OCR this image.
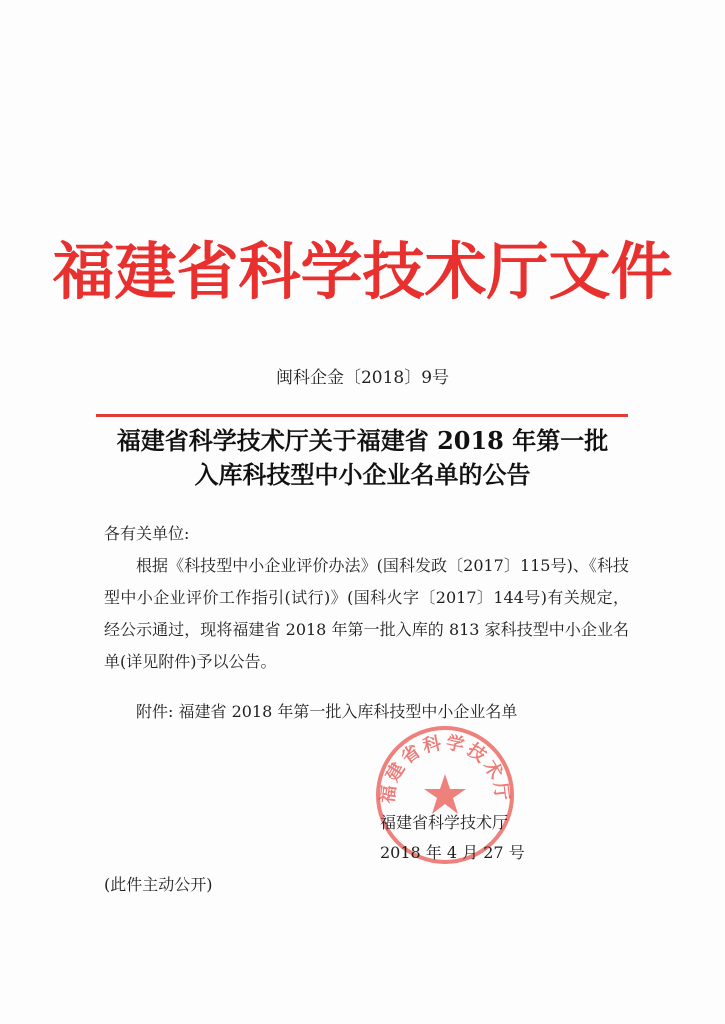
福建省科学技术厅文件
闽科企金〔2018〕9号
福建省科学技术厅关于福建省 2018 年第一批
入库科技型中小企业名单的公告
各有关单位:

根据《科技型中小企业评价办法》(国科发政〔2017〕115号)、《科技型中小企业评价工作指引(试行)》(国科火字〔2017〕144号)有关规定，经公示通过，现将福建省 2018 年第一批入库的 813 家科技型中小企业名单(详见附件)予以公告。

附件: 福建省 2018 年第一批入库科技型中小企业名单
福建省科学技术厅
福建省科学技术厅
2018 年 4 月 27 号
(此件主动公开)
